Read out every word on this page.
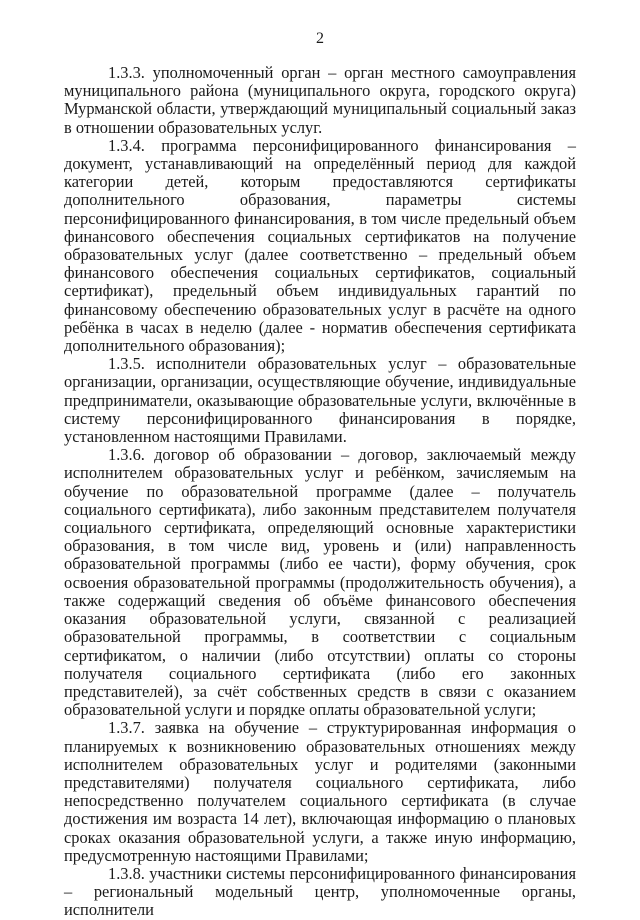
2

1.3.3. уполномоченный орган – орган местного самоуправления муниципального района (муниципального округа, городского округа) Мурманской области, утверждающий муниципальный социальный заказ в отношении образовательных услуг.

1.3.4. программа персонифицированного финансирования – документ, устанавливающий на определённый период для каждой категории детей, которым предоставляются сертификаты дополнительного образования, параметры системы персонифицированного финансирования, в том числе предельный объем финансового обеспечения социальных сертификатов на получение образовательных услуг (далее соответственно – предельный объем финансового обеспечения социальных сертификатов, социальный сертификат), предельный объем индивидуальных гарантий по финансовому обеспечению образовательных услуг в расчёте на одного ребёнка в часах в неделю (далее - норматив обеспечения сертификата дополнительного образования);

1.3.5. исполнители образовательных услуг – образовательные организации, организации, осуществляющие обучение, индивидуальные предприниматели, оказывающие образовательные услуги, включённые в систему персонифицированного финансирования в порядке, установленном настоящими Правилами.

1.3.6. договор об образовании – договор, заключаемый между исполнителем образовательных услуг и ребёнком, зачисляемым на обучение по образовательной программе (далее – получатель социального сертификата), либо законным представителем получателя социального сертификата, определяющий основные характеристики образования, в том числе вид, уровень и (или) направленность образовательной программы (либо ее части), форму обучения, срок освоения образовательной программы (продолжительность обучения), а также содержащий сведения об объёме финансового обеспечения оказания образовательной услуги, связанной с реализацией образовательной программы, в соответствии с социальным сертификатом, о наличии (либо отсутствии) оплаты со стороны получателя социального сертификата (либо его законных представителей), за счёт собственных средств в связи с оказанием образовательной услуги и порядке оплаты образовательной услуги;

1.3.7. заявка на обучение – структурированная информация о планируемых к возникновению образовательных отношениях между исполнителем образовательных услуг и родителями (законными представителями) получателя социального сертификата, либо непосредственно получателем социального сертификата (в случае достижения им возраста 14 лет), включающая информацию о плановых сроках оказания образовательной услуги, а также иную информацию, предусмотренную настоящими Правилами;

1.3.8. участники системы персонифицированного финансирования – региональный модельный центр, уполномоченные органы, исполнители
